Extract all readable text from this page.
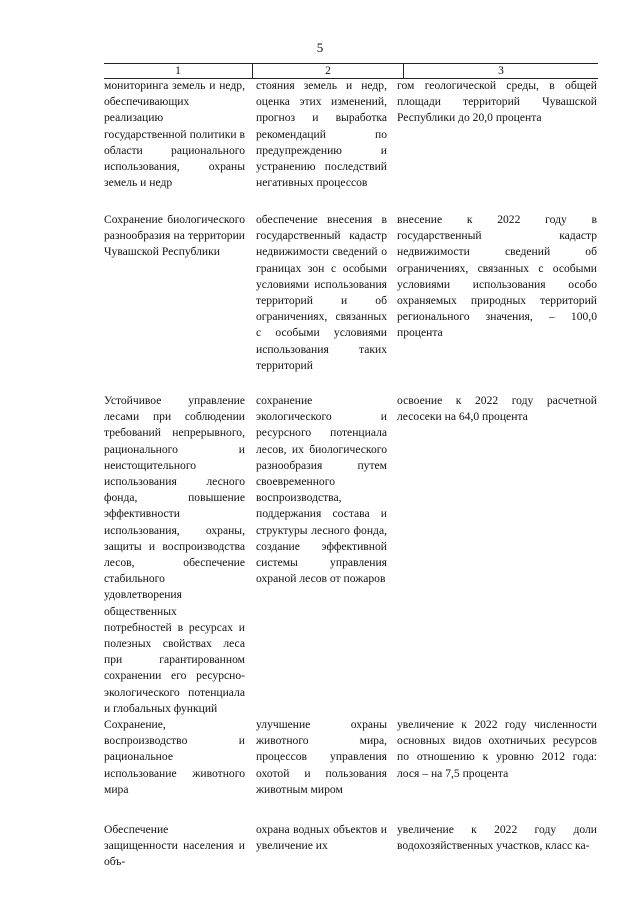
5
1	2	3
мониторинга земель и недр, обеспечивающих реализацию государственной политики в области рационального использования, охраны земель и недр
стояния земель и недр, оценка этих изменений, прогноз и выработка рекомендаций по предупреждению и устранению последствий негативных процессов
гом геологической среды, в общей площади территорий Чувашской Республики до 20,0 процента
Сохранение биологического разнообразия на территории Чувашской Республики
обеспечение внесения в государственный кадастр недвижимости сведений о границах зон с особыми условиями использования территорий и об ограничениях, связанных с особыми условиями использования таких территорий
внесение к 2022 году в государственный кадастр недвижимости сведений об ограничениях, связанных с особыми условиями использования особо охраняемых природных территорий регионального значения, – 100,0 процента
Устойчивое управление лесами при соблюдении требований непрерывного, рационального и неистощительного использования лесного фонда, повышение эффективности использования, охраны, защиты и воспроизводства лесов, обеспечение стабильного удовлетворения общественных потребностей в ресурсах и полезных свойствах леса при гарантированном сохранении его ресурсно-экологического потенциала и глобальных функций
сохранение экологического и ресурсного потенциала лесов, их биологического разнообразия путем своевременного воспроизводства, поддержания состава и структуры лесного фонда, создание эффективной системы управления охраной лесов от пожаров
освоение к 2022 году расчетной лесосеки на 64,0 процента
Сохранение, воспроизводство и рациональное использование животного мира
улучшение охраны животного мира, процессов управления охотой и пользования животным миром
увеличение к 2022 году численности основных видов охотничьих ресурсов по отношению к уровню 2012 года: лося – на 7,5 процента
Обеспечение защищенности населения и объ-
охрана водных объектов и увеличение их
увеличение к 2022 году доли водохозяйственных участков, класс ка-
